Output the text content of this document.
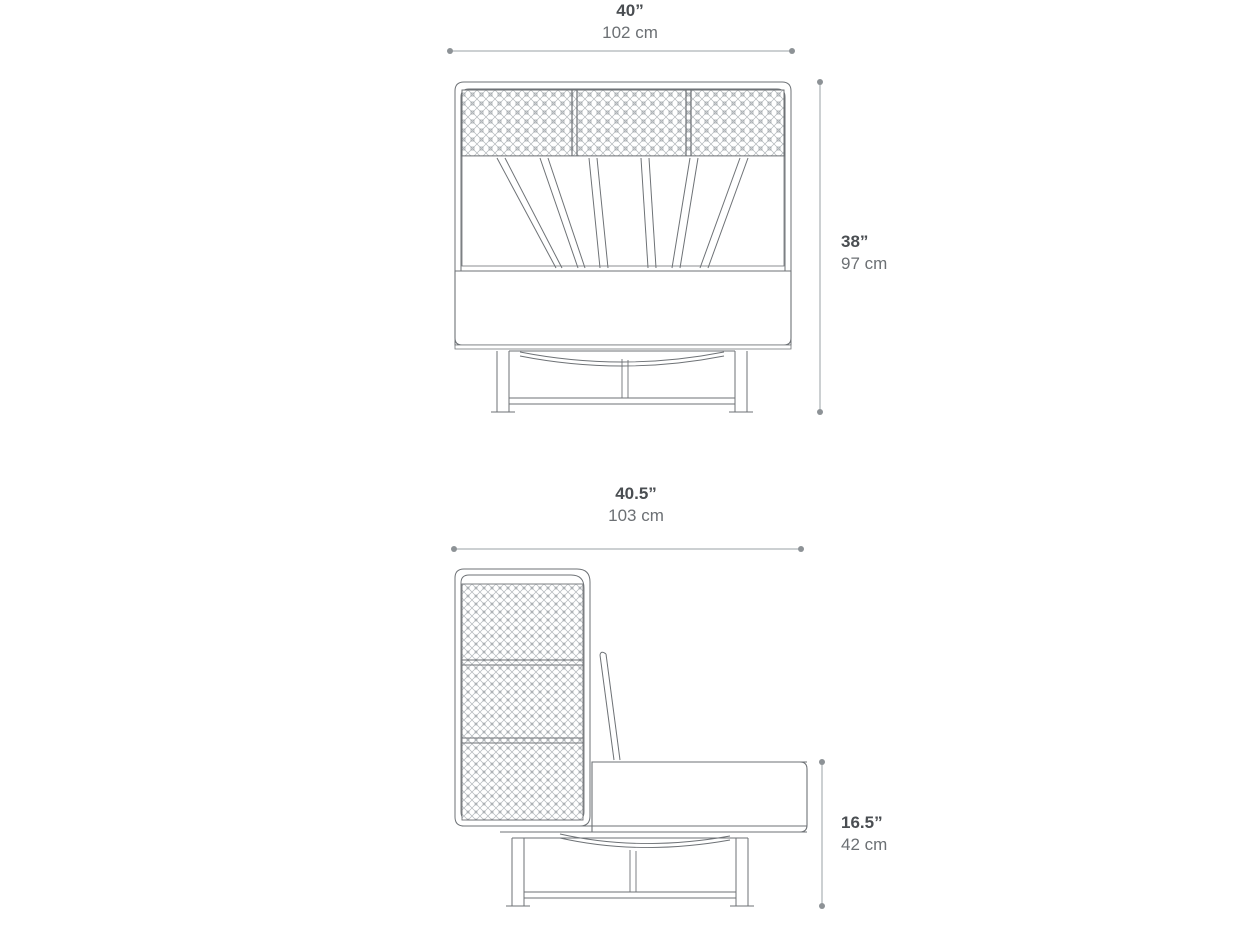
40”
102 cm
38”
97 cm
40.5”
103 cm
16.5”
42 cm
